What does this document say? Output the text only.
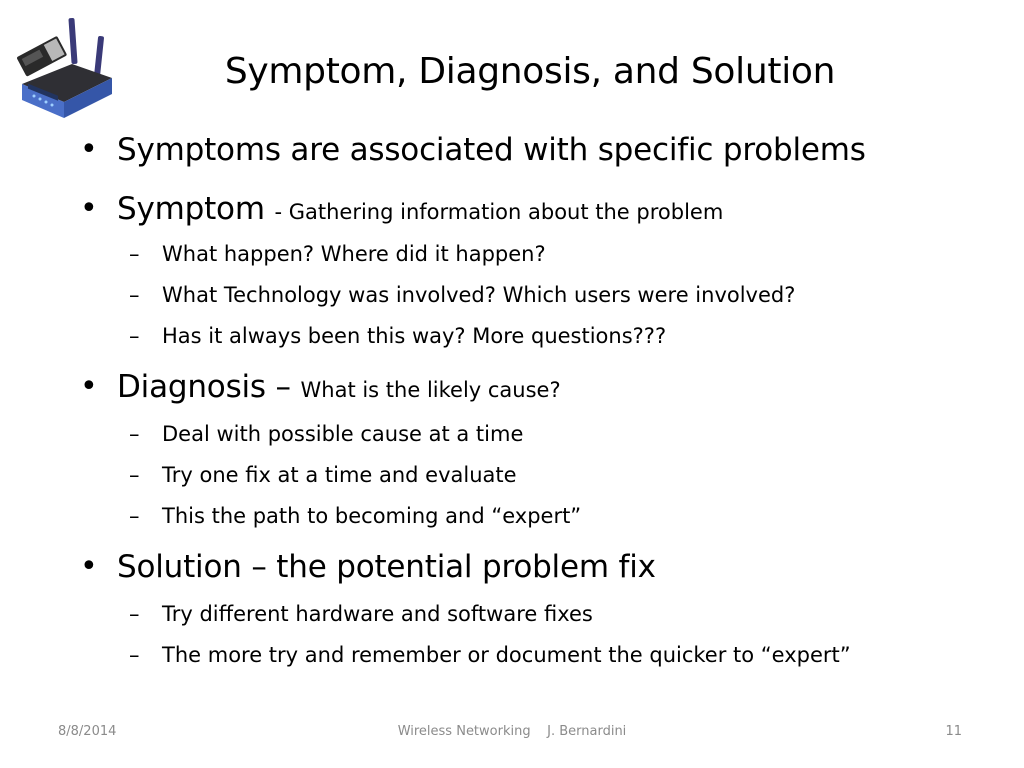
Symptom, Diagnosis, and Solution
• Symptoms are associated with specific problems
• Symptom - Gathering information about the problem
– What happen? Where did it happen?
– What Technology was involved? Which users were involved?
– Has it always been this way? More questions???
• Diagnosis – What is the likely cause?
– Deal with possible cause at a time
– Try one fix at a time and evaluate
– This the path to becoming and “expert”
• Solution – the potential problem fix
– Try different hardware and software fixes
– The more try and remember or document the quicker to “expert”
8/8/2014	Wireless Networking    J. Bernardini	11
